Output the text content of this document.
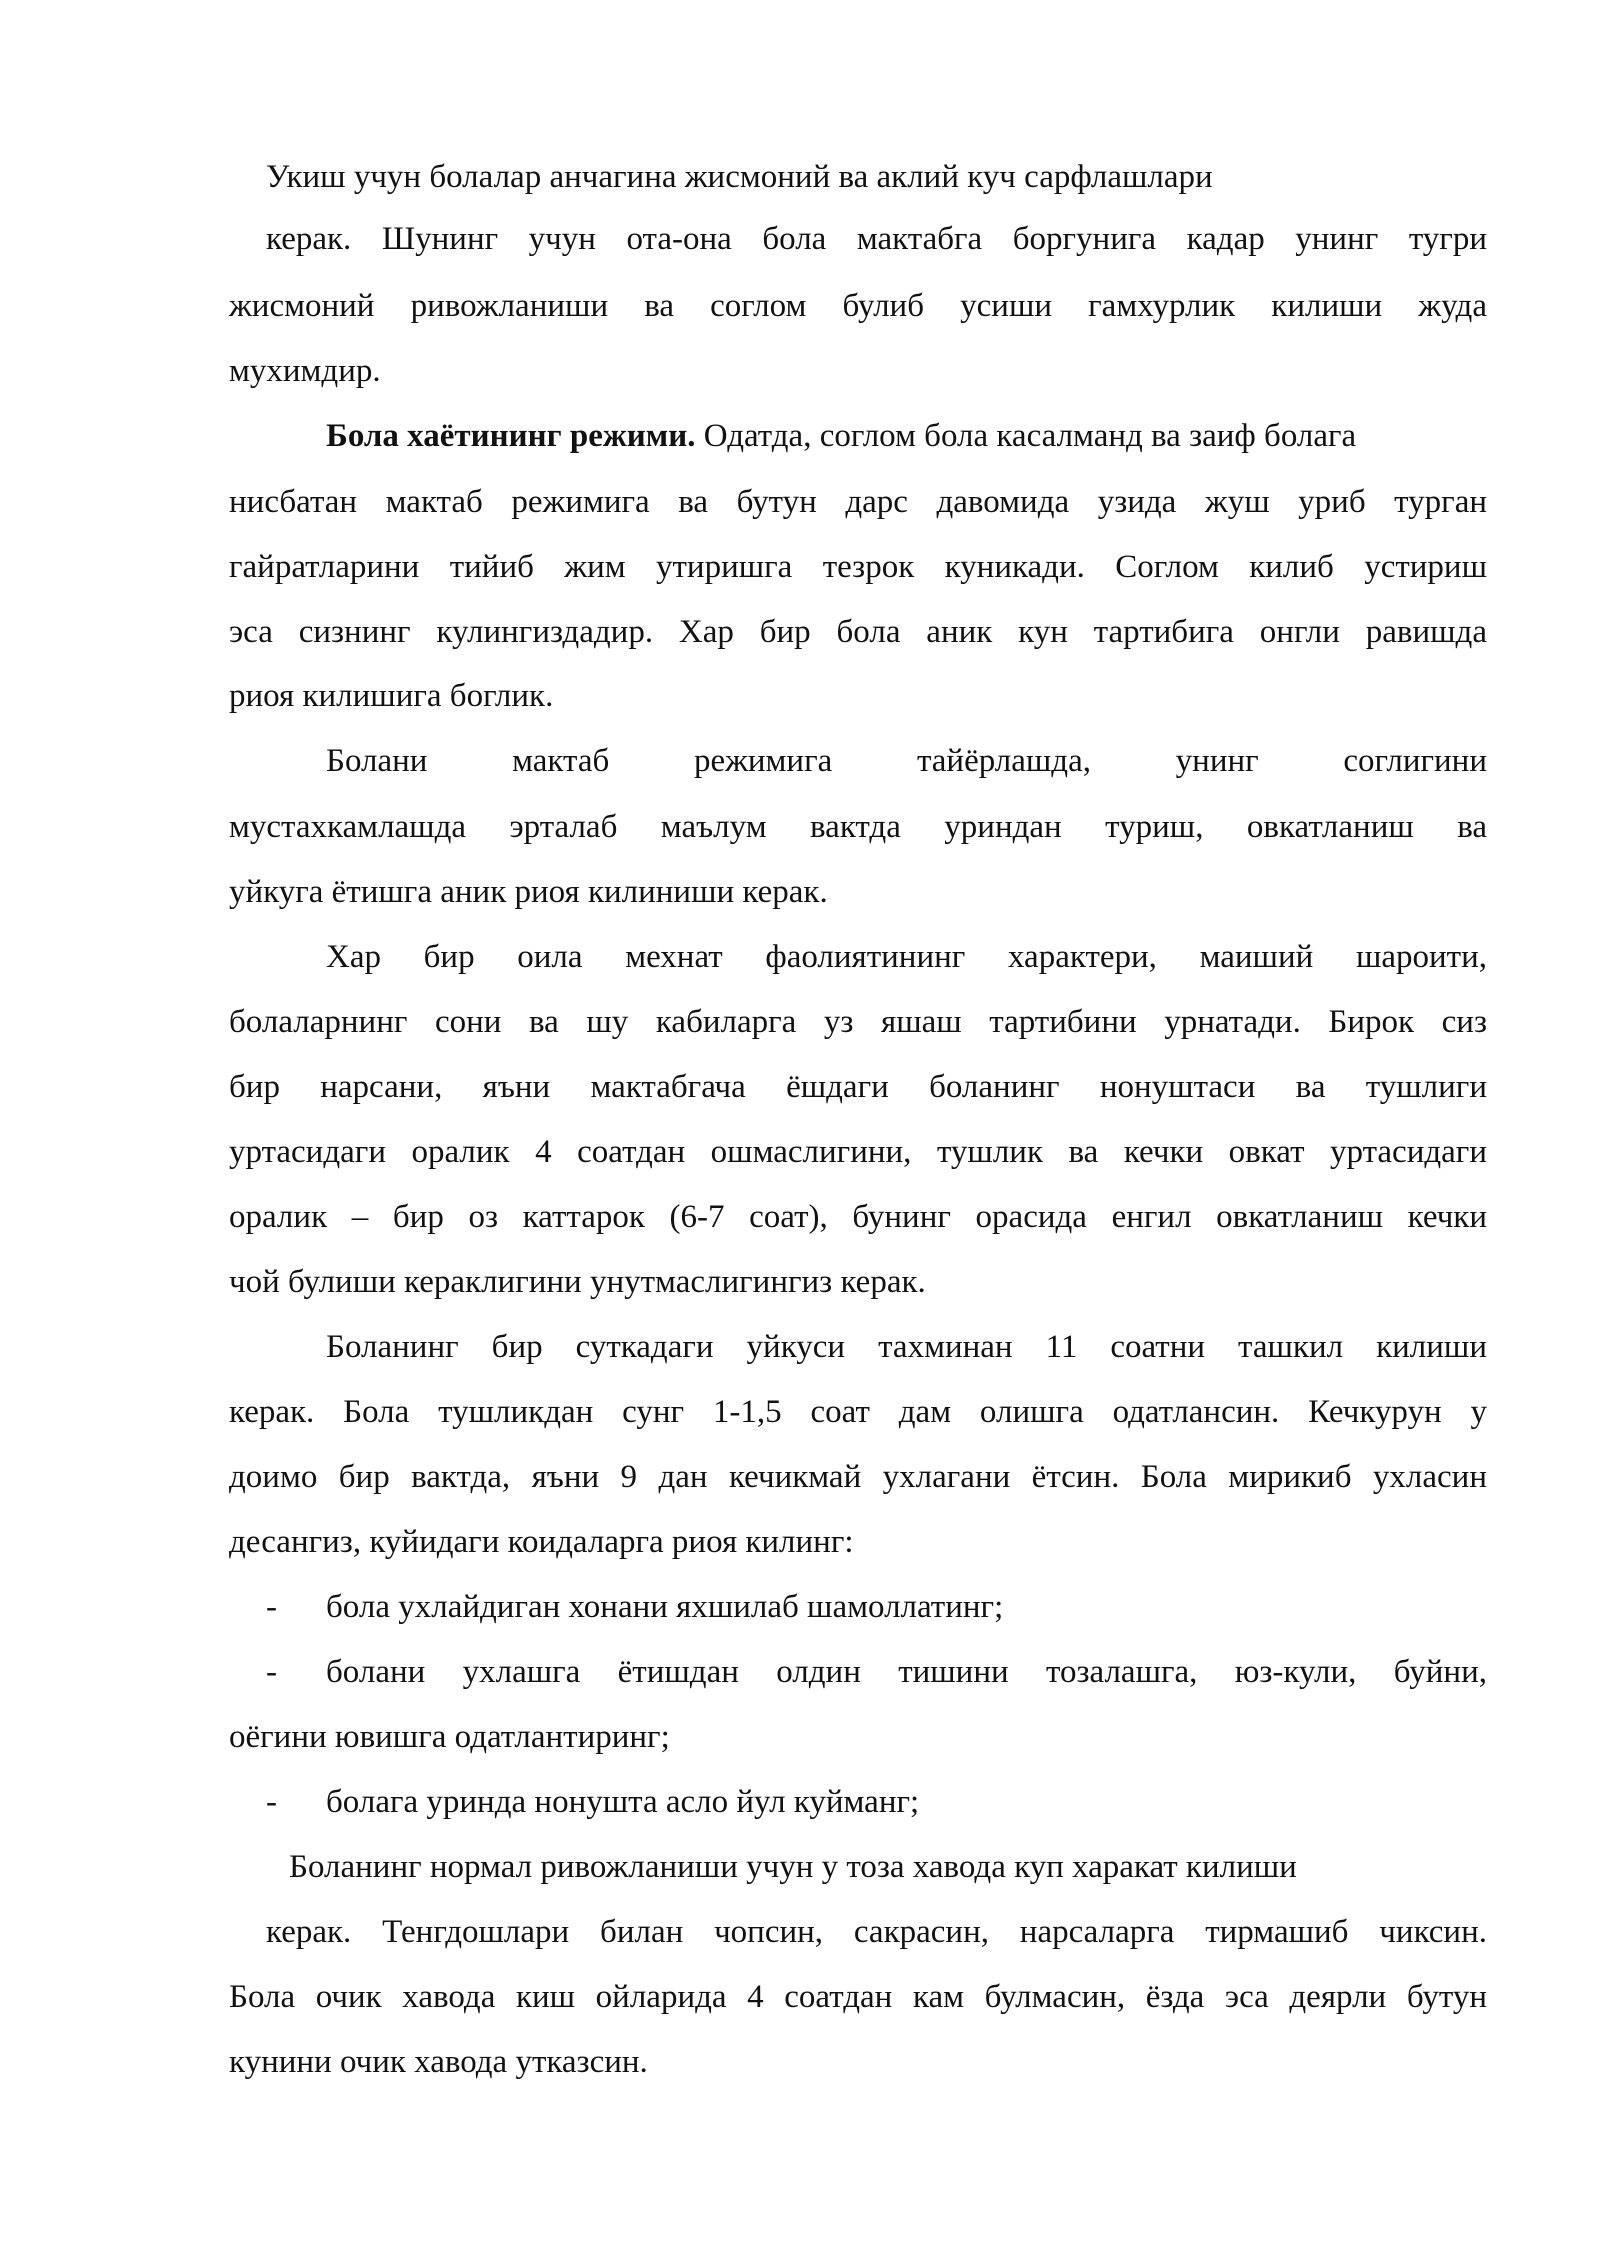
Укиш учун болалар анчагина жисмоний ва аклий куч сарфлашлари
керак. Шунинг учун ота-она бола мактабга боргунига кадар унинг тугри
жисмоний ривожланиши ва соглом булиб усиши гамхурлик килиши жуда
мухимдир.
Бола хаётининг режими. Одатда, соглом бола касалманд ва заиф болага
нисбатан мактаб режимига ва бутун дарс давомида узида жуш уриб турган
гайратларини тийиб жим утиришга тезрок куникади. Соглом килиб устириш
эса сизнинг кулингиздадир. Хар бир бола аник кун тартибига онгли равишда
риоя килишига боглик.
Болани мактаб режимига тайёрлашда, унинг соглигини
мустахкамлашда эрталаб маълум вактда уриндан туриш, овкатланиш ва
уйкуга ётишга аник риоя килиниши керак.
Хар бир оила мехнат фаолиятининг характери, маиший шароити,
болаларнинг сони ва шу кабиларга уз яшаш тартибини урнатади. Бирок сиз
бир нарсани, яъни мактабгача ёшдаги боланинг нонуштаси ва тушлиги
уртасидаги оралик 4 соатдан ошмаслигини, тушлик ва кечки овкат уртасидаги
оралик – бир оз каттарок (6-7 соат), бунинг орасида енгил овкатланиш кечки
чой булиши кераклигини унутмаслигингиз керак.
Боланинг бир суткадаги уйкуси тахминан 11 соатни ташкил килиши
керак. Бола тушликдан сунг 1-1,5 соат дам олишга одатлансин. Кечкурун у
доимо бир вактда, яъни 9 дан кечикмай ухлагани ётсин. Бола мирикиб ухласин
десангиз, куйидаги коидаларга риоя килинг:
- бола ухлайдиган хонани яхшилаб шамоллатинг;
- болани ухлашга ётишдан олдин тишини тозалашга, юз-кули, буйни,
оёгини ювишга одатлантиринг;
- болага уринда нонушта асло йул куйманг;
Боланинг нормал ривожланиши учун у тоза хавода куп харакат килиши
керак. Тенгдошлари билан чопсин, сакрасин, нарсаларга тирмашиб чиксин.
Бола очик хавода киш ойларида 4 соатдан кам булмасин, ёзда эса деярли бутун
кунини очик хавода утказсин.
